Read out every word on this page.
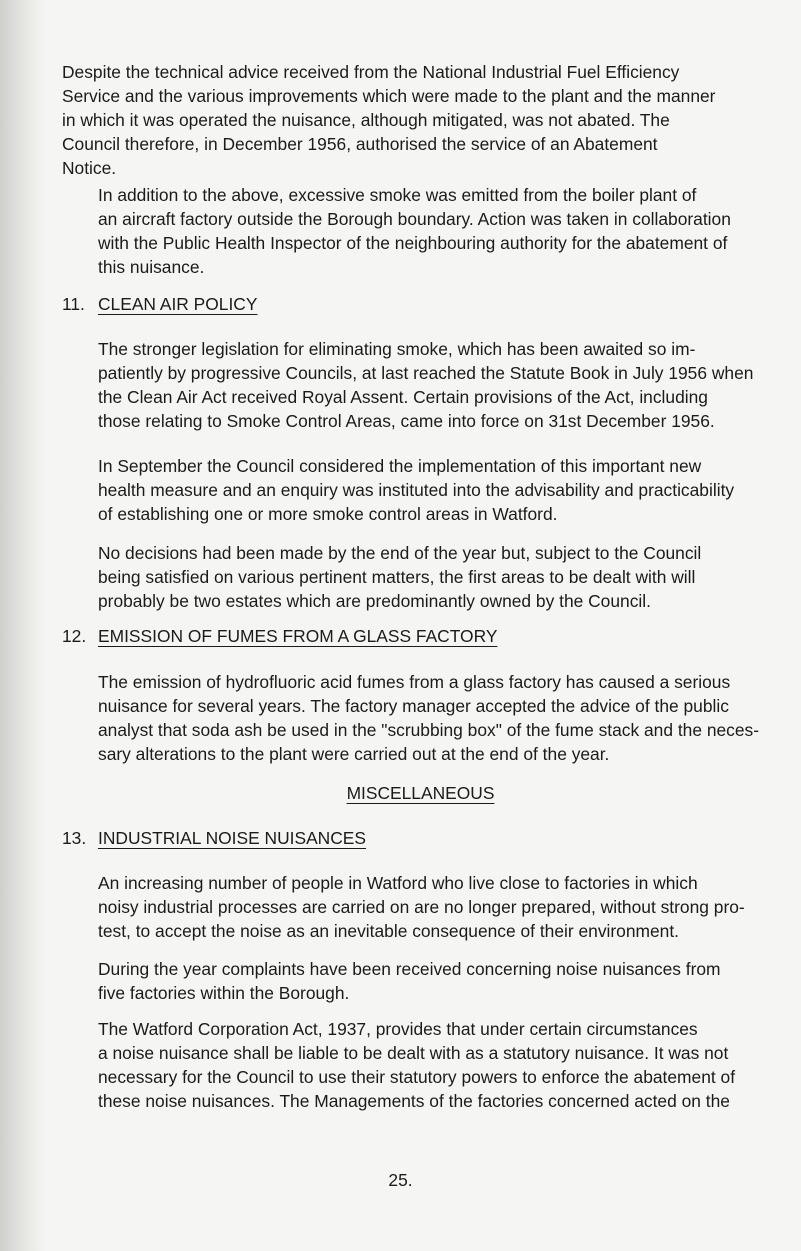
Despite the technical advice received from the National Industrial Fuel Efficiency
Service and the various improvements which were made to the plant and the manner
in which it was operated the nuisance, although mitigated, was not abated. The
Council therefore, in December 1956, authorised the service of an Abatement
Notice.

In addition to the above, excessive smoke was emitted from the boiler plant of
an aircraft factory outside the Borough boundary. Action was taken in collaboration
with the Public Health Inspector of the neighbouring authority for the abatement of
this nuisance.

11. CLEAN AIR POLICY

The stronger legislation for eliminating smoke, which has been awaited so im-
patiently by progressive Councils, at last reached the Statute Book in July 1956 when
the Clean Air Act received Royal Assent. Certain provisions of the Act, including
those relating to Smoke Control Areas, came into force on 31st December 1956.

In September the Council considered the implementation of this important new
health measure and an enquiry was instituted into the advisability and practicability
of establishing one or more smoke control areas in Watford.

No decisions had been made by the end of the year but, subject to the Council
being satisfied on various pertinent matters, the first areas to be dealt with will
probably be two estates which are predominantly owned by the Council.

12. EMISSION OF FUMES FROM A GLASS FACTORY

The emission of hydrofluoric acid fumes from a glass factory has caused a serious
nuisance for several years. The factory manager accepted the advice of the public
analyst that soda ash be used in the "scrubbing box" of the fume stack and the neces-
sary alterations to the plant were carried out at the end of the year.

MISCELLANEOUS
13. INDUSTRIAL NOISE NUISANCES

An increasing number of people in Watford who live close to factories in which
noisy industrial processes are carried on are no longer prepared, without strong pro-
test, to accept the noise as an inevitable consequence of their environment.

During the year complaints have been received concerning noise nuisances from
five factories within the Borough.

The Watford Corporation Act, 1937, provides that under certain circumstances
a noise nuisance shall be liable to be dealt with as a statutory nuisance. It was not
necessary for the Council to use their statutory powers to enforce the abatement of
these noise nuisances. The Managements of the factories concerned acted on the

25.
